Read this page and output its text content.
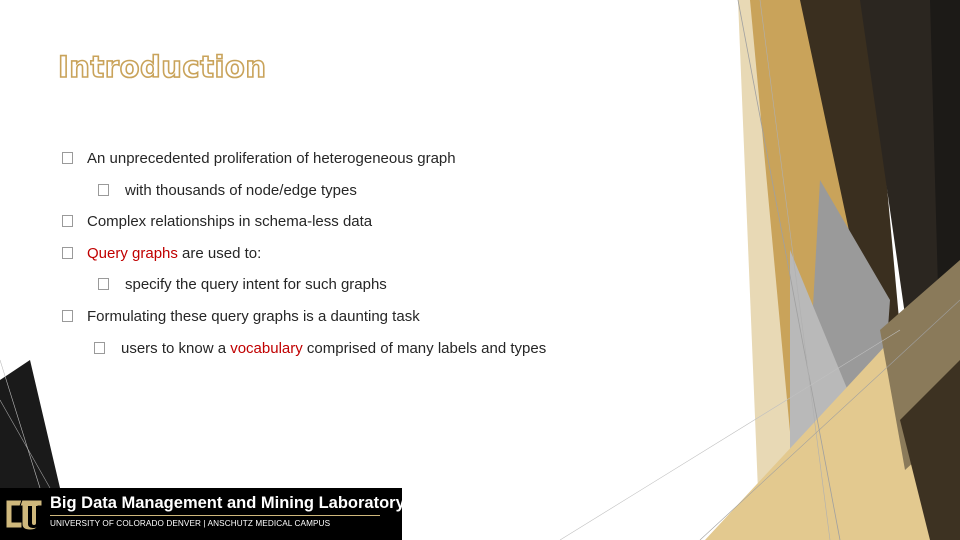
Introduction
An unprecedented proliferation of heterogeneous graph
with thousands of node/edge types
Complex relationships in schema-less data
Query graphs are used to:
specify the query intent for such graphs
Formulating these query graphs is a daunting task
users to know a vocabulary comprised of many labels and types
Big Data Management and Mining Laboratory
UNIVERSITY OF COLORADO DENVER | ANSCHUTZ MEDICAL CAMPUS
